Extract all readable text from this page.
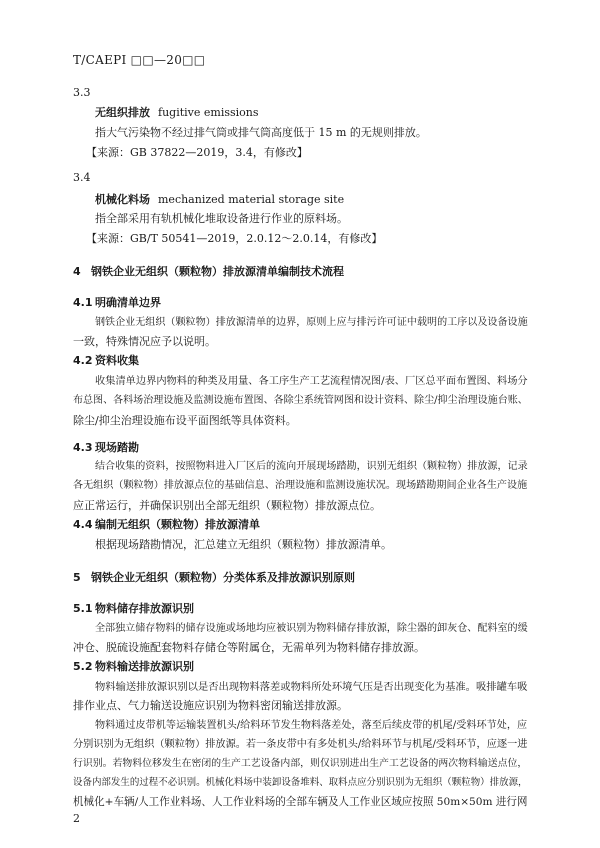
T/CAEPI □□—20□□
3.3
无组织排放 fugitive emissions
指大气污染物不经过排气筒或排气筒高度低于 15 m 的无规则排放。
【来源：GB 37822—2019，3.4，有修改】
3.4
机械化料场 mechanized material storage site
指全部采用有轨机械化堆取设备进行作业的原料场。
【来源：GB/T 50541—2019，2.0.12～2.0.14，有修改】
4 钢铁企业无组织（颗粒物）排放源清单编制技术流程
4.1 明确清单边界
钢铁企业无组织（颗粒物）排放源清单的边界，原则上应与排污许可证中载明的工序以及设备设施
一致，特殊情况应予以说明。
4.2 资料收集
收集清单边界内物料的种类及用量、各工序生产工艺流程情况图/表、厂区总平面布置图、料场分
布总图、各料场治理设施及监测设施布置图、各除尘系统管网图和设计资料、除尘/抑尘治理设施台账、
除尘/抑尘治理设施布设平面图纸等具体资料。
4.3 现场踏勘
结合收集的资料，按照物料进入厂区后的流向开展现场踏勘，识别无组织（颗粒物）排放源，记录
各无组织（颗粒物）排放源点位的基础信息、治理设施和监测设施状况。现场踏勘期间企业各生产设施
应正常运行，并确保识别出全部无组织（颗粒物）排放源点位。
4.4 编制无组织（颗粒物）排放源清单
根据现场踏勘情况，汇总建立无组织（颗粒物）排放源清单。
5 钢铁企业无组织（颗粒物）分类体系及排放源识别原则
5.1 物料储存排放源识别
全部独立储存物料的储存设施或场地均应被识别为物料储存排放源，除尘器的卸灰仓、配料室的缓
冲仓、脱硫设施配套物料存储仓等附属仓，无需单列为物料储存排放源。
5.2 物料输送排放源识别
物料输送排放源识别以是否出现物料落差或物料所处环境气压是否出现变化为基准。吸排罐车吸
排作业点、气力输送设施应识别为物料密闭输送排放源。
物料通过皮带机等运输装置机头/给料环节发生物料落差处，落至后续皮带的机尾/受料环节处，应
分别识别为无组织（颗粒物）排放源。若一条皮带中有多处机头/给料环节与机尾/受料环节，应逐一进
行识别。若物料位移发生在密闭的生产工艺设备内部，则仅识别进出生产工艺设备的两次物料输送点位，
设备内部发生的过程不必识别。机械化料场中装卸设备堆料、取料点应分别识别为无组织（颗粒物）排放源，
机械化+车辆/人工作业料场、人工作业料场的全部车辆及人工作业区域应按照 50m×50m 进行网
2
